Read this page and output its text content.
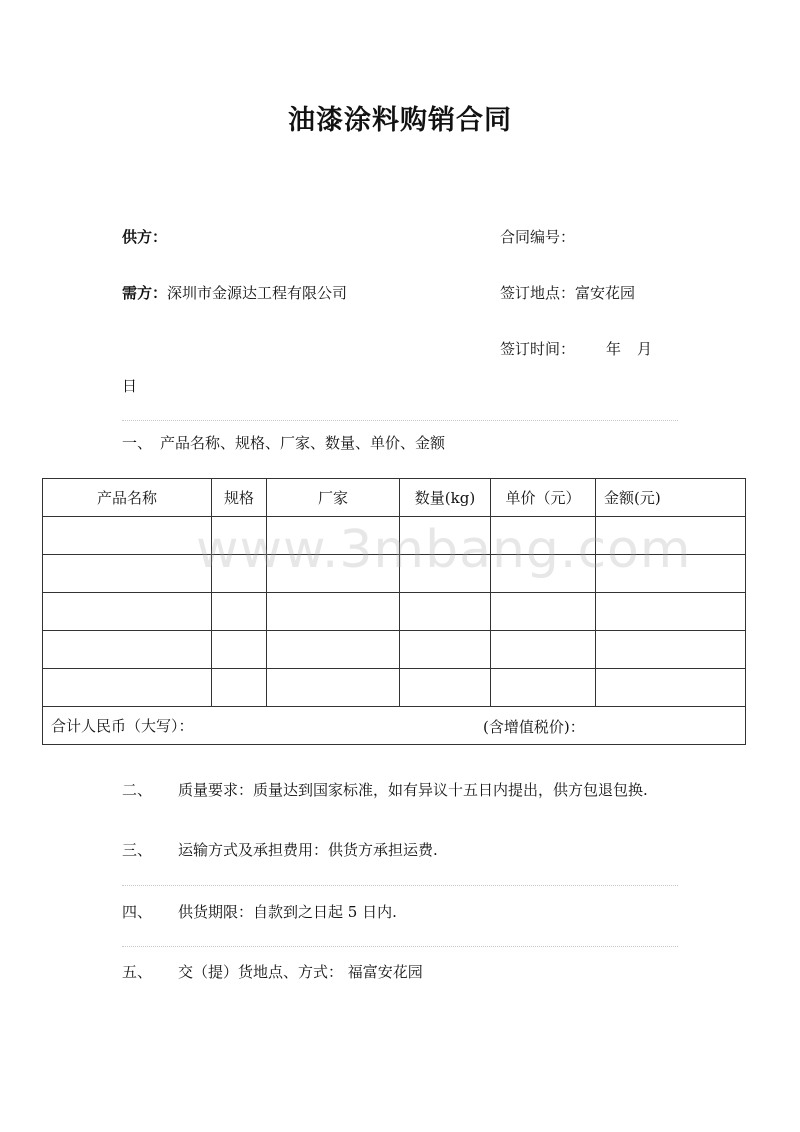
油漆涂料购销合同
供方：	合同编号：
需方：深圳市金源达工程有限公司	签订地点：富安花园
签订时间： 年 月
日
一、 产品名称、规格、厂家、数量、单价、金额
产品名称	规格	厂家	数量(kg)	单价（元）	金额(元)

合计人民币（大写）： (含增值税价)：					
www.3mbang.com
二、 质量要求：质量达到国家标准，如有异议十五日内提出，供方包退包换.
三、 运输方式及承担费用：供货方承担运费.
四、 供货期限：自款到之日起 5 日内.
五、 交（提）货地点、方式： 福富安花园
